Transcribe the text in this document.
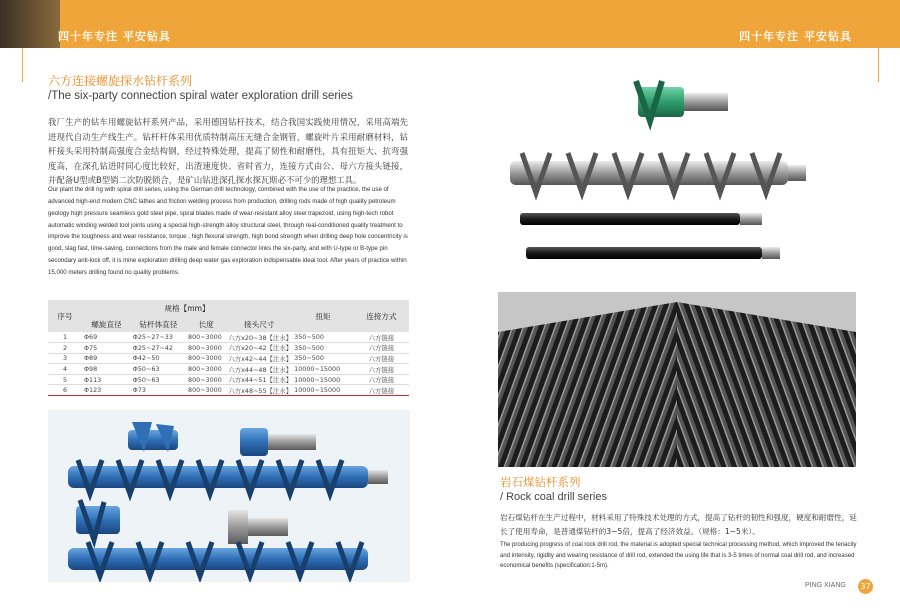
四十年专注 平安钻具	四十年专注 平安钻具
六方连接螺旋探水钻杆系列
/The six-party connection spiral water exploration drill series
我厂生产的钻车用螺旋钻杆系列产品，采用德国钻杆技术，结合我国实践使用情况，采用高端先进现代自动生产线生产。钻杆杆体采用优质特制高压无缝合金钢管，螺旋叶片采用耐磨材料，钻杆接头采用特制高强度合金结构钢，经过特殊处理，提高了韧性和耐磨性，具有扭矩大、抗弯强度高，在深孔钻进时同心度比较好，出渣速度快、省时省力，连接方式由公、母六方接头链接，并配备U型或B型销二次防脱锁合，是矿山钻进深孔探水探瓦斯必不可少的理想工具。
Our plant the drill rig with spiral drill series, using the German drill technology, combined with the use of the practice, the use of advanced high-end modern CNC lathes and friction welding process from production, drilling rods made of high quality petroleum geology high pressure seamless gold steel pipe, spiral blades made of wear-resistant alloy steel trapezoid, using high-tech robot automatic winding welded tool joints using a special high-strength alloy structural steel, through real-conditioned quality treatment to improve the toughness and wear resistance, torque , high flexural strength, high bond strength when drilling deep hole concentricity is good, slag fast, time-saving, connections from the male and female connector links the six-party, and with U-type or B-type pin secondary anti-lock off, it is mine exploration drilling deep water gas exploration indispensable ideal tool. After years of practice within 15,000 meters drilling found no quality problems.
序号	规格【mm】				扭矩	连接方式
	螺旋直径	钻杆体直径	长度	接头尺寸		
1	Φ69	Φ25~27~33	800~3000	六方x20~38【注水】	350~500	六方链接
2	Φ75	Φ25~27~42	800~3000	六方x20~42【注水】	350~500	六方链接
3	Φ89	Φ42~50	800~3000	六方x42~44【注水】	350~500	六方链接
4	Φ98	Φ50~63	800~3000	六方x44~48【注水】	10000~15000	六方链接
5	Φ113	Φ50~63	800~3000	六方x44~51【注水】	10000~15000	六方链接
6	Φ123	Φ73	800~3000	六方x48~55【注水】	10000~15000	六方链接
岩石煤钻杆系列
/ Rock coal drill series
岩石煤钻杆在生产过程中，材料采用了特殊技术处理的方式，提高了钻杆的韧性和强度，硬度和耐磨性，延长了使用寿命，是普通煤钻杆的3~5倍，提高了经济效益。（规格：1~5米）。
The producing progress of coal rock drill rod, the material is adopted special technical processing method, which improved the tenacity and intensity, rigidity and wearing resistance of drill rod, extended the using life that is 3-5 times of normal coal drill rod, and increased economical benefits (specification:1-5m).
PING XIANG	37
